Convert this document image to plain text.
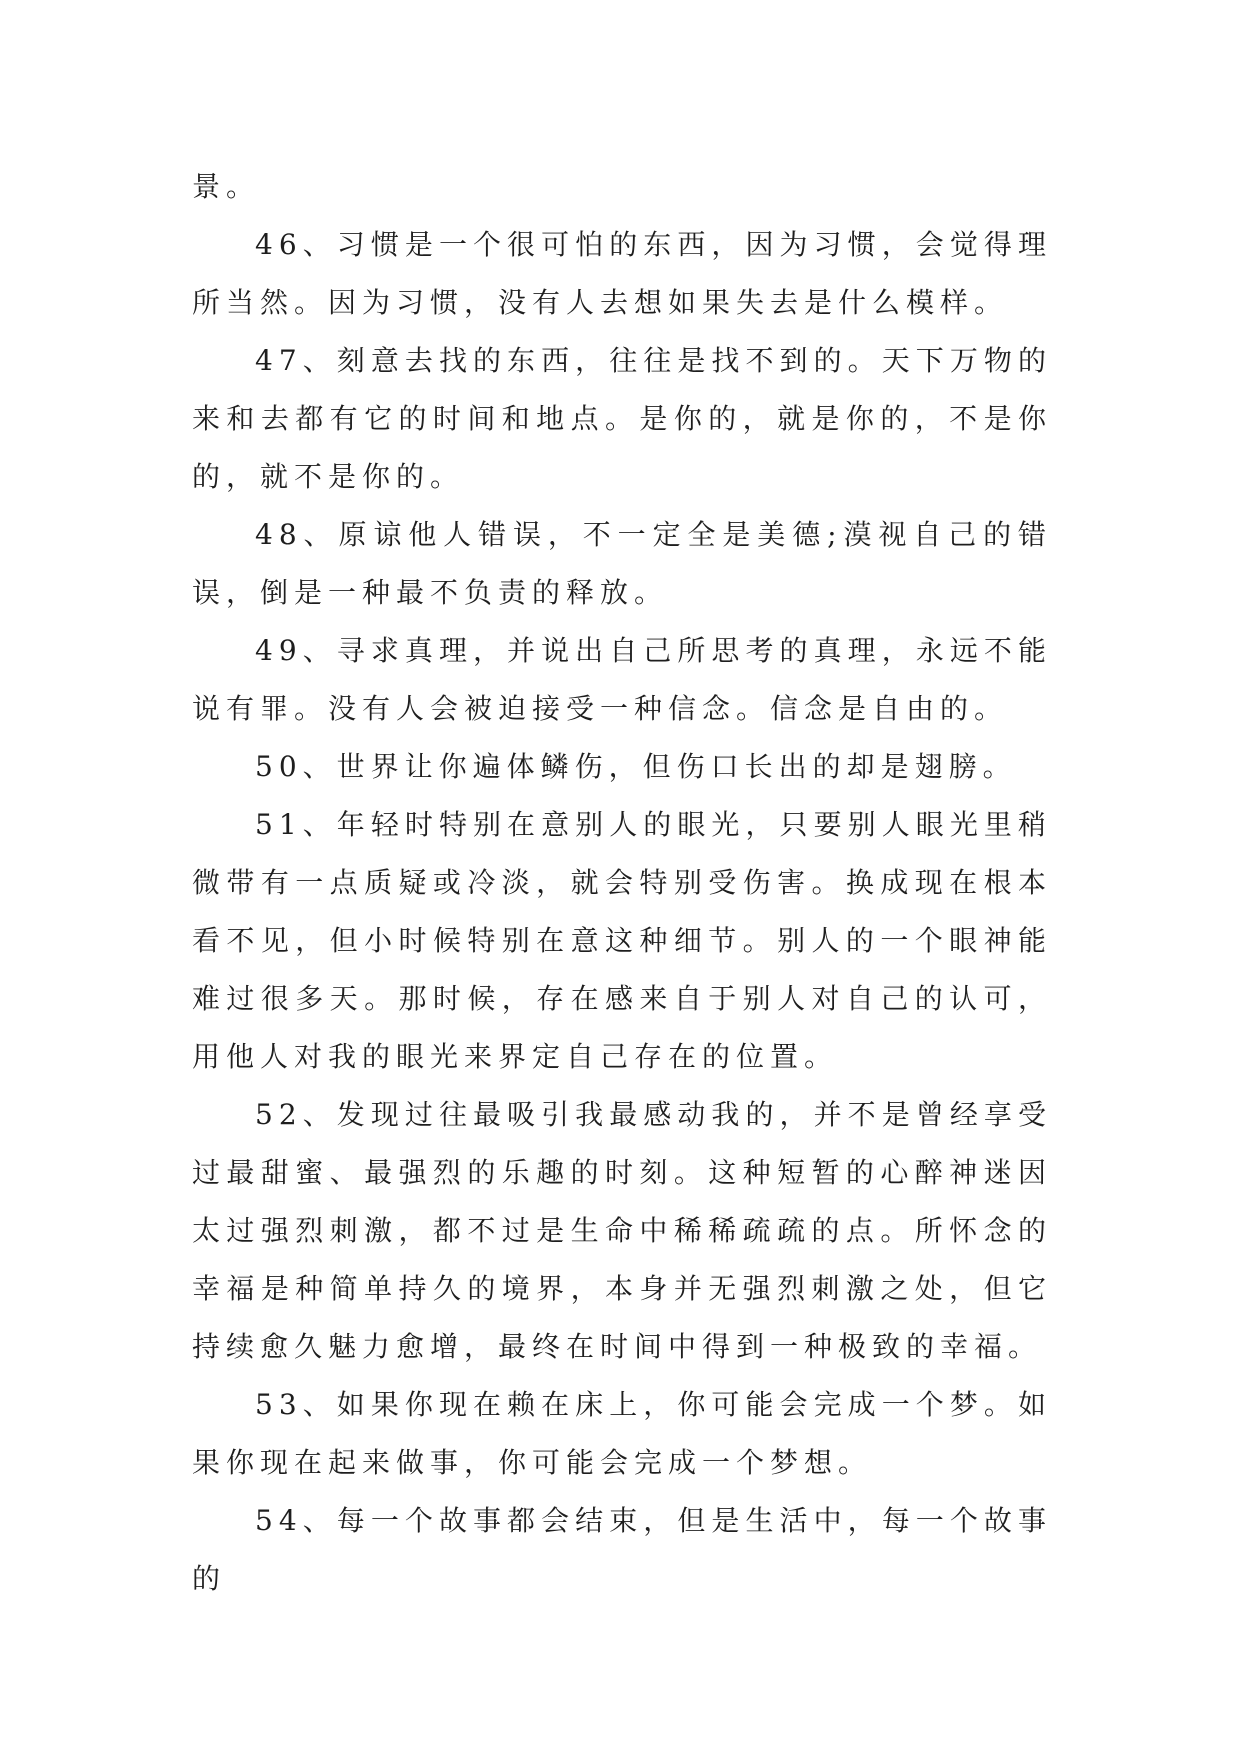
景。

46、习惯是一个很可怕的东西，因为习惯，会觉得理所当然。因为习惯，没有人去想如果失去是什么模样。

47、刻意去找的东西，往往是找不到的。天下万物的来和去都有它的时间和地点。是你的，就是你的，不是你的，就不是你的。

48、原谅他人错误，不一定全是美德;漠视自己的错误，倒是一种最不负责的释放。

49、寻求真理，并说出自己所思考的真理，永远不能说有罪。没有人会被迫接受一种信念。信念是自由的。

50、世界让你遍体鳞伤，但伤口长出的却是翅膀。

51、年轻时特别在意别人的眼光，只要别人眼光里稍微带有一点质疑或冷淡，就会特别受伤害。换成现在根本看不见，但小时候特别在意这种细节。别人的一个眼神能难过很多天。那时候，存在感来自于别人对自己的认可，用他人对我的眼光来界定自己存在的位置。

52、发现过往最吸引我最感动我的，并不是曾经享受过最甜蜜、最强烈的乐趣的时刻。这种短暂的心醉神迷因太过强烈刺激，都不过是生命中稀稀疏疏的点。所怀念的幸福是种简单持久的境界，本身并无强烈刺激之处，但它持续愈久魅力愈增，最终在时间中得到一种极致的幸福。

53、如果你现在赖在床上，你可能会完成一个梦。如果你现在起来做事，你可能会完成一个梦想。

54、每一个故事都会结束，但是生活中，每一个故事的
